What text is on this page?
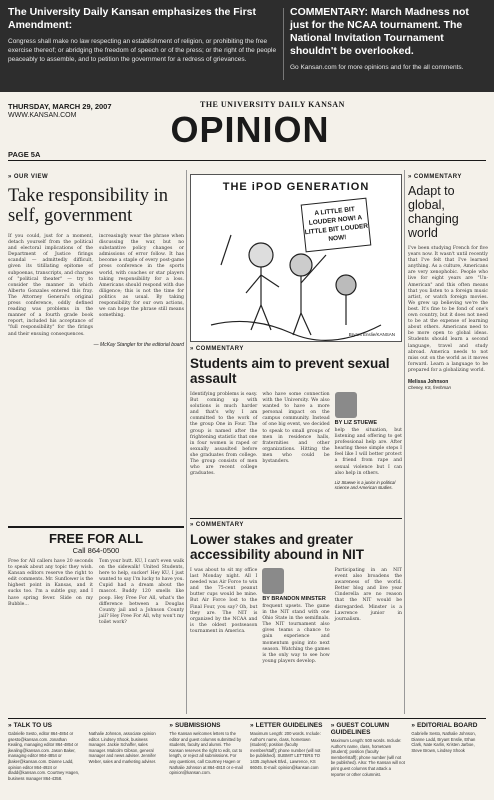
The University Daily Kansan emphasizes the First Amendment:
Congress shall make no law respecting an establishment of religion, or prohibiting the free exercise thereof; or abridging the freedom of speech or of the press; or the right of the people peaceably to assemble, and to petition the government for a redress of grievances.
COMMENTARY: March Madness not just for the NCAA tournament. The National Invitation Tournament shouldn't be overlooked.
Go Kansan.com for more opinions and for the all comments.
THURSDAY, MARCH 29, 2007
WWW.KANSAN.COM
THE UNIVERSITY DAILY KANSAN
OPINION
PAGE 5A
» OUR VIEW
Take responsibility in self, government
If you could, just for a moment, detach yourself from the political and electoral implications of the Department of Justice firings scandal — admittedly difficult, given its titillating epitome of subpoenas, transcripts, and charges of "political theater" — try to consider the manner in which Alberto Gonzales entered this fray. The Attorney General's original press conference, oddly defined reading was problems in the manner of a fourth grade book report, included his acceptance of "full responsibility" for the firings and their ensuing consequences.
increasingly wear the phrase when discussing the war, but no substantive policy changes or admissions of error follow. It has become a staple of every post-game press conference in the sports world, with coaches or star players taking responsibility for a loss. Americans should respond with due diligence; this is not the time for politics as usual. By taking responsibility for our own actions, we can hope the phrase still means something.
— McKay Stangler for the editorial board
FREE FOR ALL
Call 864-0500
Free for All callers have 20 seconds to speak about any topic they wish. Kansan editors reserve the right to edit comments. Mr. Sunflower is the highest point in Kansas, and it sucks too. I'm a subtle guy, and I have spring fever. Slide on my Bubble...
Tom your butt. KU, I can't even walk on the sidewalk! United Students, here to help, sucker! Hey KU, I just wanted to say I'm lucky to have you. Cupid had a dream about the mascot. Buddy 120 smells like poop. Hey Free For All, what's the difference between a Douglas County jail and a Johnson County jail? Hey Free For All, why won't my toilet work?
THE iPOD GENERATION
A LITTLE BIT LOUDER NOW! A LITTLE BIT LOUDER NOW!
Bryant Enslie/KANSAN
» COMMENTARY
Students aim to prevent sexual assault
Identifying problems is easy. But coming up with solutions is much harder and that's why I am committed to the work of the group One in Four. The group is named after the frightening statistic that one in four women is raped or sexually assaulted before she graduates from college. The group consists of men who are recent college graduates.
who have some connection with the University. We also wanted to have a more personal impact on the campus community. Instead of one big event, we decided to speak to small groups of men in residence halls, fraternities and other organizations. Hitting the men who could be bystanders.
BY LIZ STUEWE
help the situation, but listening and offering to get professional help are. After hearing these simple steps I feel like I will better protect a friend from rape and sexual violence but I can also help in others.
Liz Stuewe is a junior in political science and American studies.
» COMMENTARY
Lower stakes and greater accessibility abound in NIT
I was about to sit my office last Monday night. All I needed was Air Force to win and the 75-cent peanut butter cups would be mine. But Air Force lost to the Final Four, you say? Oh, but they are. The NIT is organized by the NCAA and is the oldest postseason tournament in America.
BY BRANDON MINSTER
frequent upsets. The game in the NIT stand with one Ohio State in the semifinals. The NIT tournament also gives teams a chance to gain experience and momentum going into next season. Watching the games is the only way to see how young players develop.
Participating in an NIT event also broadens the awareness of the world. Better blog and live year Cinderella are no reason that the NIT would be disregarded. Minster is a Lawrence junior in journalism.
» COMMENTARY
Adapt to global, changing world
I've been studying French for five years now. It wasn't until recently that I've felt that I've learned anything. As a culture, Americans are very xenophobic. People who live for eight years are "Un-American" and this often means that you listen to a foreign music artist, or watch foreign movies. We grew up believing we're the best. It's fine to be fond of one's own country, but it does not need to be at the expense of learning about others. Americans need to be more open to global ideas. Students should learn a second language, travel and study abroad. America needs to not miss out on the world as it moves forward. Learn a language to be prepared for a globalizing world.
Melissa Johnson
Cheney, KS, freshman
» TALK TO US
Gabrielle Sesto, editor 864-4854 or gsesto@kansan.com. Jonathan Kealing, managing editor 864-4854 or jkealing@kansan.com. Jason Baker, managing editor 864-4854 or jbaker@kansan.com. Dianne Ladd, opinion editor 864-4924 or dladd@kansan.com. Courtney Hagen, business manager 864-4358.
Nathalie Johnson, associate opinion editor. Lindsey Shook, business manager. Jackie Schaffer, sales manager. Malcolm Gibson, general manager and news adviser. Jennifer Weber, sales and marketing adviser.
» SUBMISSIONS
The Kansan welcomes letters to the editor and guest columns submitted by students, faculty and alumni. The Kansan reserves the right to edit, cut to length, or reject all submissions. For any questions, call Courtney Hagen or Nathalie Johnson at 864-4810 or e-mail opinion@kansan.com.
» LETTER GUIDELINES
Maximum Length: 200 words. Include: Author's name, class, hometown (student); position (faculty member/staff); phone number (will not be published). SUBMIT LETTERS TO 1435 Jayhawk Blvd., Lawrence, KS 66045. E-mail: opinion@kansan.com
» GUEST COLUMN GUIDELINES
Maximum Length: 500 words. Include: Author's name, class, hometown (student); position (faculty member/staff); phone number (will not be published). Also: The Kansan will not print guest columns that attack a reporter or other columnist.
» EDITORIAL BOARD
Gabrielle Sesto, Nathalie Johnson, Dianne Ladd, Bryant Enslie, Ethan Clark, Nate Karlin, Kristen Jarboe, Steve Brown, Lindsey Shook
